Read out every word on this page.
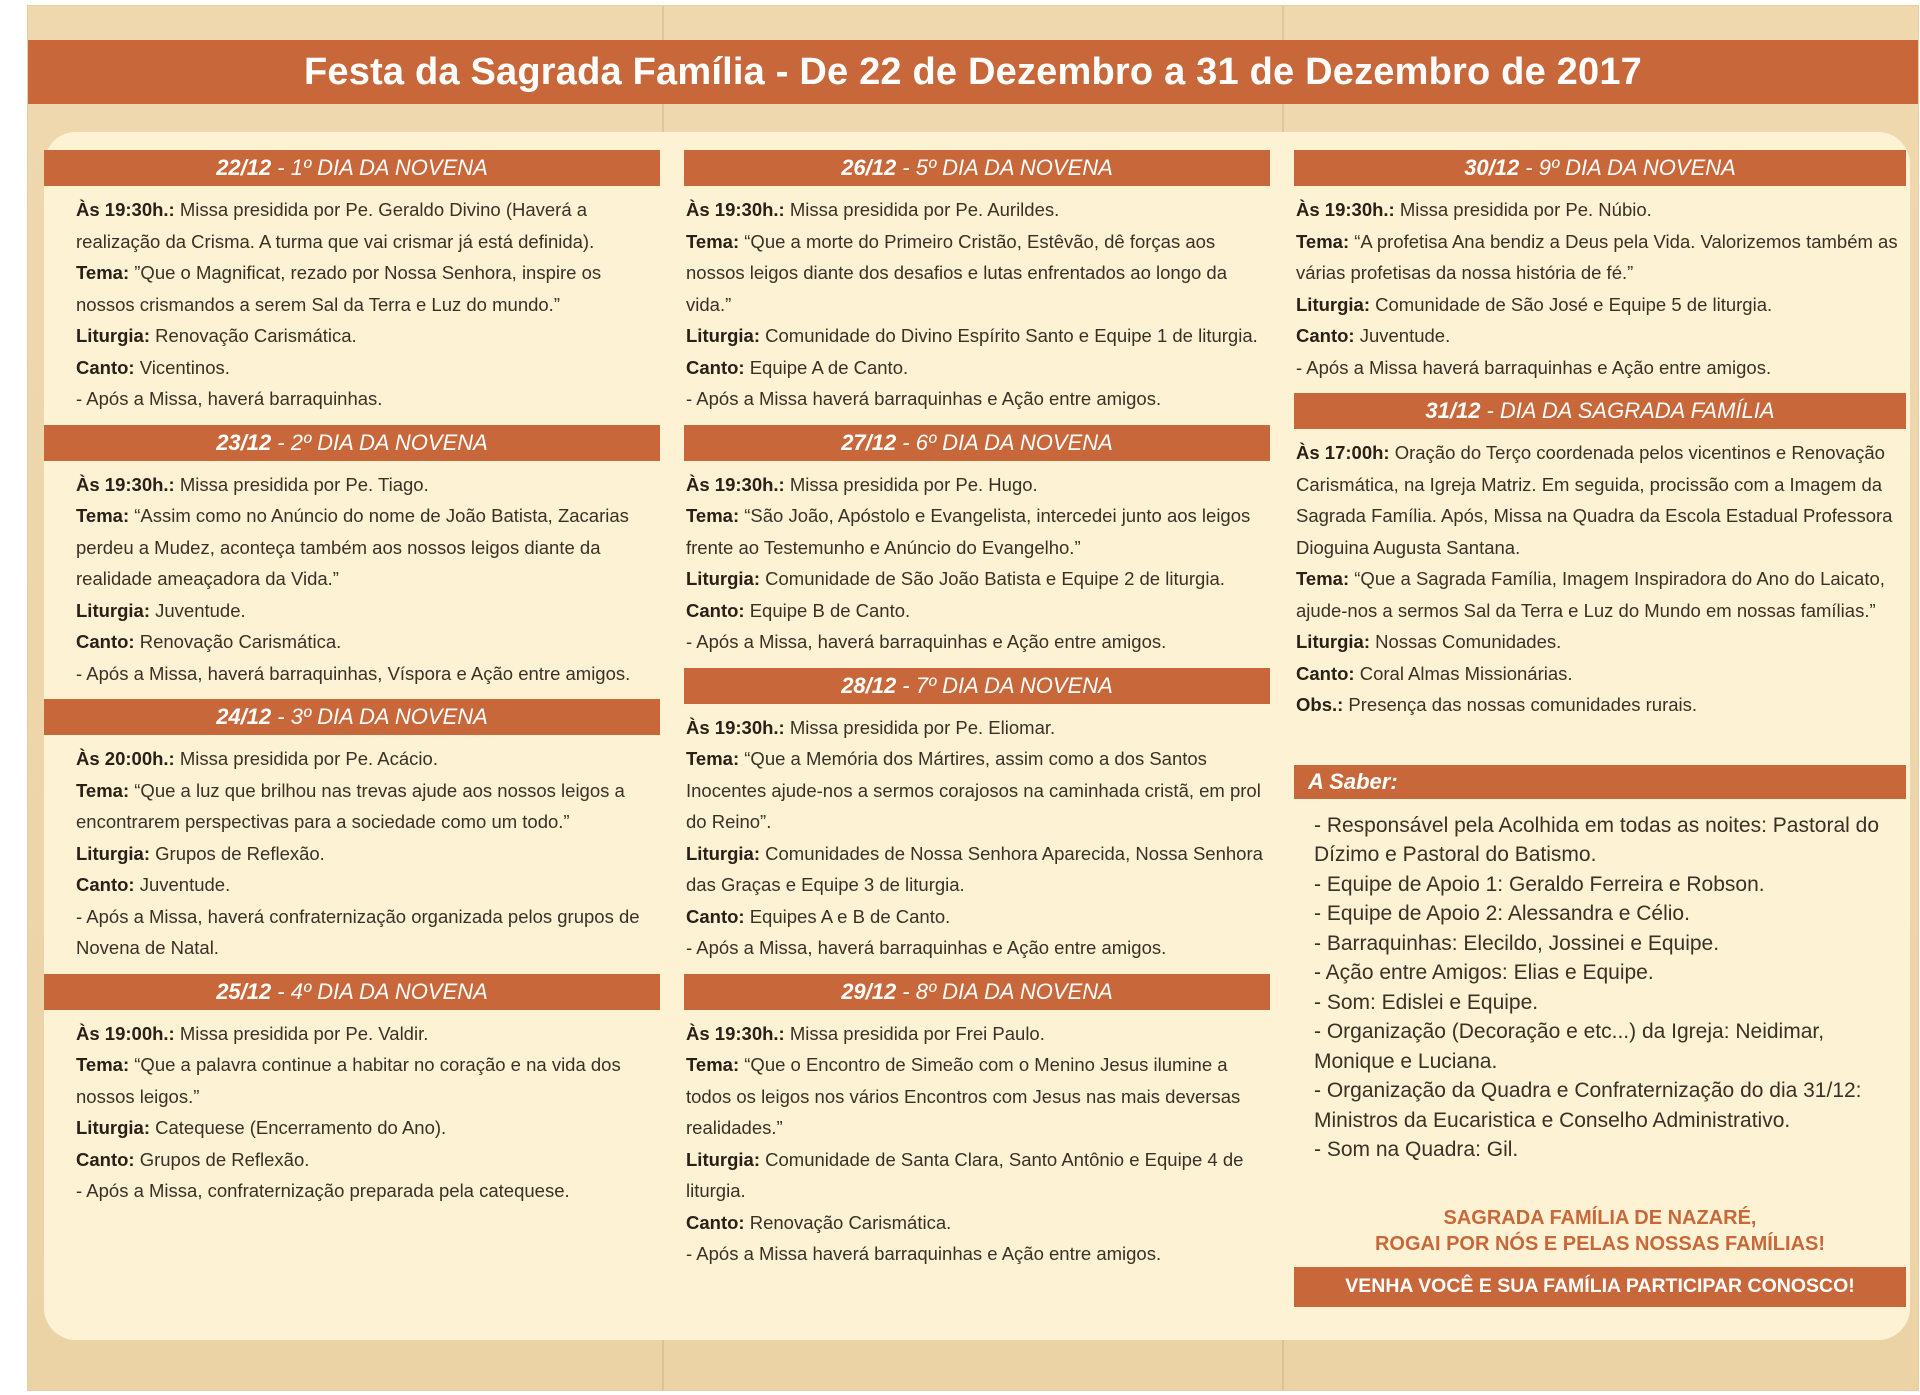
Festa da Sagrada Família - De 22 de Dezembro a 31 de Dezembro de 2017
22/12 - 1º DIA DA NOVENA

Às 19:30h.: Missa presidida por Pe. Geraldo Divino (Haverá a realização da Crisma. A turma que vai crismar já está definida).

Tema: ”Que o Magnificat, rezado por Nossa Senhora, inspire os nossos crismandos a serem Sal da Terra e Luz do mundo.”

Liturgia: Renovação Carismática.

Canto: Vicentinos.

- Após a Missa, haverá barraquinhas.

23/12 - 2º DIA DA NOVENA

Às 19:30h.: Missa presidida por Pe. Tiago.

Tema: “Assim como no Anúncio do nome de João Batista, Zacarias perdeu a Mudez, aconteça também aos nossos leigos diante da realidade ameaçadora da Vida.”

Liturgia: Juventude.

Canto: Renovação Carismática.

- Após a Missa, haverá barraquinhas, Víspora e Ação entre amigos.

24/12 - 3º DIA DA NOVENA

Às 20:00h.: Missa presidida por Pe. Acácio.

Tema: “Que a luz que brilhou nas trevas ajude aos nossos leigos a encontrarem perspectivas para a sociedade como um todo.”

Liturgia: Grupos de Reflexão.

Canto: Juventude.

- Após a Missa, haverá confraternização organizada pelos grupos de Novena de Natal.

25/12 - 4º DIA DA NOVENA

Às 19:00h.: Missa presidida por Pe. Valdir.

Tema: “Que a palavra continue a habitar no coração e na vida dos nossos leigos.”

Liturgia: Catequese (Encerramento do Ano).

Canto: Grupos de Reflexão.

- Após a Missa, confraternização preparada pela catequese.

26/12 - 5º DIA DA NOVENA

Às 19:30h.: Missa presidida por Pe. Aurildes.

Tema: “Que a morte do Primeiro Cristão, Estêvão, dê forças aos nossos leigos diante dos desafios e lutas enfrentados ao longo da vida.”

Liturgia: Comunidade do Divino Espírito Santo e Equipe 1 de liturgia.

Canto: Equipe A de Canto.

- Após a Missa haverá barraquinhas e Ação entre amigos.

27/12 - 6º DIA DA NOVENA

Às 19:30h.: Missa presidida por Pe. Hugo.

Tema: “São João, Apóstolo e Evangelista, intercedei junto aos leigos frente ao Testemunho e Anúncio do Evangelho.”

Liturgia: Comunidade de São João Batista e Equipe 2 de liturgia.

Canto: Equipe B de Canto.

- Após a Missa, haverá barraquinhas e Ação entre amigos.

28/12 - 7º DIA DA NOVENA

Às 19:30h.: Missa presidida por Pe. Eliomar.

Tema: “Que a Memória dos Mártires, assim como a dos Santos Inocentes ajude-nos a sermos corajosos na caminhada cristã, em prol do Reino”.

Liturgia: Comunidades de Nossa Senhora Aparecida, Nossa Senhora das Graças e Equipe 3 de liturgia.

Canto: Equipes A e B de Canto.

- Após a Missa, haverá barraquinhas e Ação entre amigos.

29/12 - 8º DIA DA NOVENA

Às 19:30h.: Missa presidida por Frei Paulo.

Tema: “Que o Encontro de Simeão com o Menino Jesus ilumine a todos os leigos nos vários Encontros com Jesus nas mais deversas realidades.”

Liturgia: Comunidade de Santa Clara, Santo Antônio e Equipe 4 de liturgia.

Canto: Renovação Carismática.

- Após a Missa haverá barraquinhas e Ação entre amigos.

30/12 - 9º DIA DA NOVENA

Às 19:30h.: Missa presidida por Pe. Núbio.

Tema: “A profetisa Ana bendiz a Deus pela Vida. Valorizemos também as várias profetisas da nossa história de fé.”

Liturgia: Comunidade de São José e Equipe 5 de liturgia.

Canto: Juventude.

- Após a Missa haverá barraquinhas e Ação entre amigos.

31/12 - DIA DA SAGRADA FAMÍLIA

Às 17:00h: Oração do Terço coordenada pelos vicentinos e Renovação Carismática, na Igreja Matriz. Em seguida, procissão com a Imagem da Sagrada Família. Após, Missa na Quadra da Escola Estadual Professora Dioguina Augusta Santana.

Tema: “Que a Sagrada Família, Imagem Inspiradora do Ano do Laicato, ajude-nos a sermos Sal da Terra e Luz do Mundo em nossas famílias.”

Liturgia: Nossas Comunidades.

Canto: Coral Almas Missionárias.

Obs.: Presença das nossas comunidades rurais.

A Saber:

- Responsável pela Acolhida em todas as noites: Pastoral do Dízimo e Pastoral do Batismo.

- Equipe de Apoio 1: Geraldo Ferreira e Robson.

- Equipe de Apoio 2: Alessandra e Célio.

- Barraquinhas: Elecildo, Jossinei e Equipe.

- Ação entre Amigos: Elias e Equipe.

- Som: Edislei e Equipe.

- Organização (Decoração e etc...) da Igreja: Neidimar, Monique e Luciana.

- Organização da Quadra e Confraternização do dia 31/12: Ministros da Eucaristica e Conselho Administrativo.

- Som na Quadra: Gil.

SAGRADA FAMÍLIA DE NAZARÉ,
ROGAI POR NÓS E PELAS NOSSAS FAMÍLIAS!
VENHA VOCÊ E SUA FAMÍLIA PARTICIPAR CONOSCO!
